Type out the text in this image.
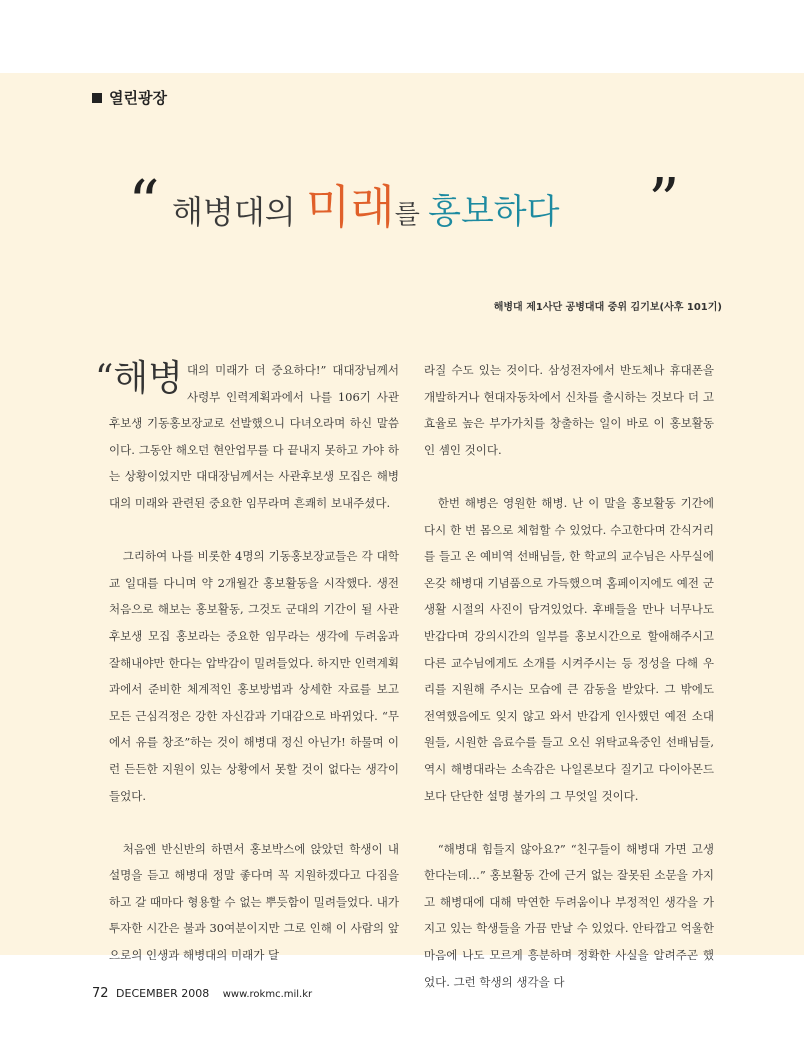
열린광장
“ 해병대의 미래를 홍보하다 ”
해병대 제1사단 공병대대 중위 김기보(사후 101기)

“해병 대의 미래가 더 중요하다!” 대대장님께서 사령부 인력계획과에서 나를 106기 사관후보생 기동홍보장교로 선발했으니 다녀오라며 하신 말씀이다. 그동안 해오던 현안업무를 다 끝내지 못하고 가야 하는 상황이었지만 대대장님께서는 사관후보생 모집은 해병대의 미래와 관련된 중요한 임무라며 흔쾌히 보내주셨다.

그리하여 나를 비롯한 4명의 기동홍보장교들은 각 대학교 일대를 다니며 약 2개월간 홍보활동을 시작했다. 생전 처음으로 해보는 홍보활동, 그것도 군대의 기간이 될 사관후보생 모집 홍보라는 중요한 임무라는 생각에 두려움과 잘해내야만 한다는 압박감이 밀려들었다. 하지만 인력계획과에서 준비한 체계적인 홍보방법과 상세한 자료를 보고 모든 근심걱정은 강한 자신감과 기대감으로 바뀌었다. “무에서 유를 창조”하는 것이 해병대 정신 아닌가! 하물며 이런 든든한 지원이 있는 상황에서 못할 것이 없다는 생각이 들었다.

처음엔 반신반의 하면서 홍보박스에 앉았던 학생이 내 설명을 듣고 해병대 정말 좋다며 꼭 지원하겠다고 다짐을 하고 갈 때마다 형용할 수 없는 뿌듯함이 밀려들었다. 내가 투자한 시간은 불과 30여분이지만 그로 인해 이 사람의 앞으로의 인생과 해병대의 미래가 달

라질 수도 있는 것이다. 삼성전자에서 반도체나 휴대폰을 개발하거나 현대자동차에서 신차를 출시하는 것보다 더 고효율로 높은 부가가치를 창출하는 일이 바로 이 홍보활동인 셈인 것이다.

한번 해병은 영원한 해병. 난 이 말을 홍보활동 기간에 다시 한 번 몸으로 체험할 수 있었다. 수고한다며 간식거리를 들고 온 예비역 선배님들, 한 학교의 교수님은 사무실에 온갖 해병대 기념품으로 가득했으며 홈페이지에도 예전 군 생활 시절의 사진이 담겨있었다. 후배들을 만나 너무나도 반갑다며 강의시간의 일부를 홍보시간으로 할애해주시고 다른 교수님에게도 소개를 시켜주시는 등 정성을 다해 우리를 지원해 주시는 모습에 큰 감동을 받았다. 그 밖에도 전역했음에도 잊지 않고 와서 반갑게 인사했던 예전 소대원들, 시원한 음료수를 들고 오신 위탁교육중인 선배님들, 역시 해병대라는 소속감은 나일론보다 질기고 다이아몬드보다 단단한 설명 불가의 그 무엇일 것이다.

“해병대 힘들지 않아요?” “친구들이 해병대 가면 고생한다는데…” 홍보활동 간에 근거 없는 잘못된 소문을 가지고 해병대에 대해 막연한 두려움이나 부정적인 생각을 가지고 있는 학생들을 가끔 만날 수 있었다. 안타깝고 억울한 마음에 나도 모르게 흥분하며 정확한 사실을 알려주곤 했었다. 그런 학생의 생각을 다

72 DECEMBER 2008 www.rokmc.mil.kr
